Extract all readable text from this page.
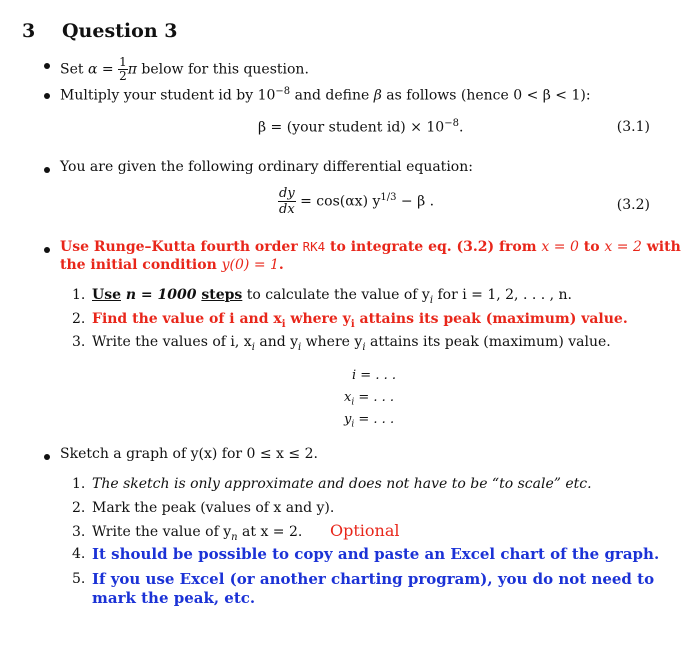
3 Question 3
Set $\alpha = \frac{1}{2}$ π below for this question.
Multiply your student id by $10^{-8}$ and define β as follows (hence 0 < β < 1):
β = (your student $id) \times 10^{-8}$.	(3.1)
You are given the following ordinary differential equation:
$\frac{dy}{dx} = \cos(\alpha x) y^{1/3} - \beta$ .	(3.2)
Use Runge–Kutta fourth order RK4 to integrate eq. (3.2) from x = 0 to x = 2 with
the initial condition y(0) = 1.
1. Use n = 1000 steps to calculate the value of $y_i$ for i = 1, 2, . . . , n.
2. Find the value of i and $x_i$ where $y_i$ attains its peak (maximum) value.
3. Write the values of i, $x_i$ and $y_i$ where $y_i$ attains its peak (maximum) value.
i = . . .
$x_i$ = . . .
$y_i$ = . . .
Sketch a graph of y(x) for 0 ≤ x ≤ 2.
1. The sketch is only approximate and does not have to be “to scale” etc.
2. Mark the peak (values of x and y).
3. Write the value of $y_n$ at x = 2. Optional
4. It should be possible to copy and paste an Excel chart of the graph.
5. If you use Excel (or another charting program), you do not need to
mark the peak, etc.
